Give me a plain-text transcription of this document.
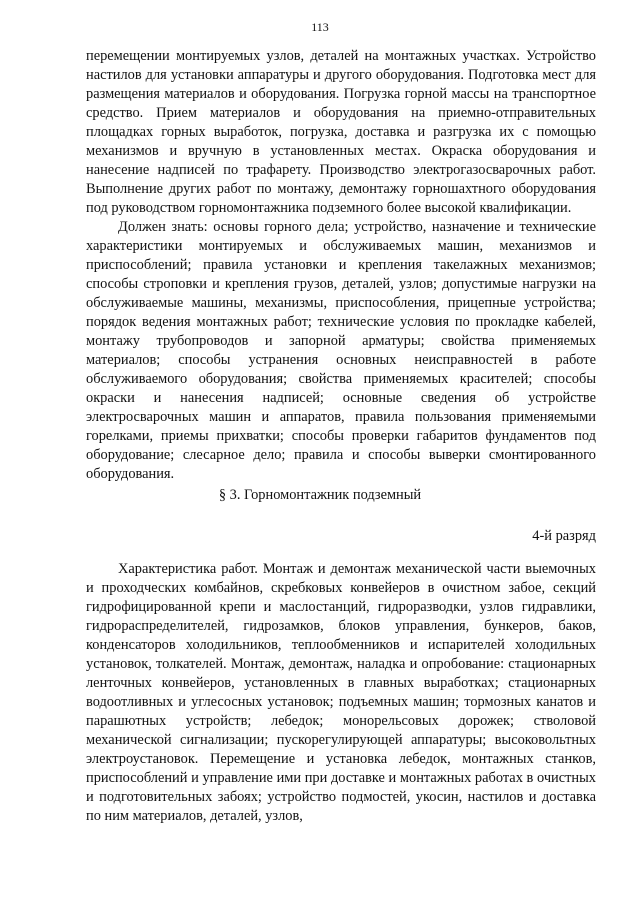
113

перемещении монтируемых узлов, деталей на монтажных участках. Устройство настилов для установки аппаратуры и другого оборудования. Подготовка мест для размещения материалов и оборудования. Погрузка горной массы на транспортное средство. Прием материалов и оборудования на приемно-отправительных площадках горных выработок, погрузка, доставка и разгрузка их с помощью механизмов и вручную в установленных местах. Окраска оборудования и нанесение надписей по трафарету. Производство электрогазосварочных работ. Выполнение других работ по монтажу, демонтажу горношахтного оборудования под руководством горномонтажника подземного более высокой квалификации.

Должен знать: основы горного дела; устройство, назначение и технические характеристики монтируемых и обслуживаемых машин, механизмов и приспособлений; правила установки и крепления такелажных механизмов; способы строповки и крепления грузов, деталей, узлов; допустимые нагрузки на обслуживаемые машины, механизмы, приспособления, прицепные устройства; порядок ведения монтажных работ; технические условия по прокладке кабелей, монтажу трубопроводов и запорной арматуры; свойства применяемых материалов; способы устранения основных неисправностей в работе обслуживаемого оборудования; свойства применяемых красителей; способы окраски и нанесения надписей; основные сведения об устройстве электросварочных машин и аппаратов, правила пользования применяемыми горелками, приемы прихватки; способы проверки габаритов фундаментов под оборудование; слесарное дело; правила и способы выверки смонтированного оборудования.

§ 3. Горномонтажник подземный
4-й разряд

Характеристика работ. Монтаж и демонтаж механической части выемочных и проходческих комбайнов, скребковых конвейеров в очистном забое, секций гидрофицированной крепи и маслостанций, гидроразводки, узлов гидравлики, гидрораспределителей, гидрозамков, блоков управления, бункеров, баков, конденсаторов холодильников, теплообменников и испарителей холодильных установок, толкателей. Монтаж, демонтаж, наладка и опробование: стационарных ленточных конвейеров, установленных в главных выработках; стационарных водоотливных и углесосных установок; подъемных машин; тормозных канатов и парашютных устройств; лебедок; монорельсовых дорожек; стволовой механической сигнализации; пускорегулирующей аппаратуры; высоковольтных электроустановок. Перемещение и установка лебедок, монтажных станков, приспособлений и управление ими при доставке и монтажных работах в очистных и подготовительных забоях; устройство подмостей, укосин, настилов и доставка по ним материалов, деталей, узлов,
